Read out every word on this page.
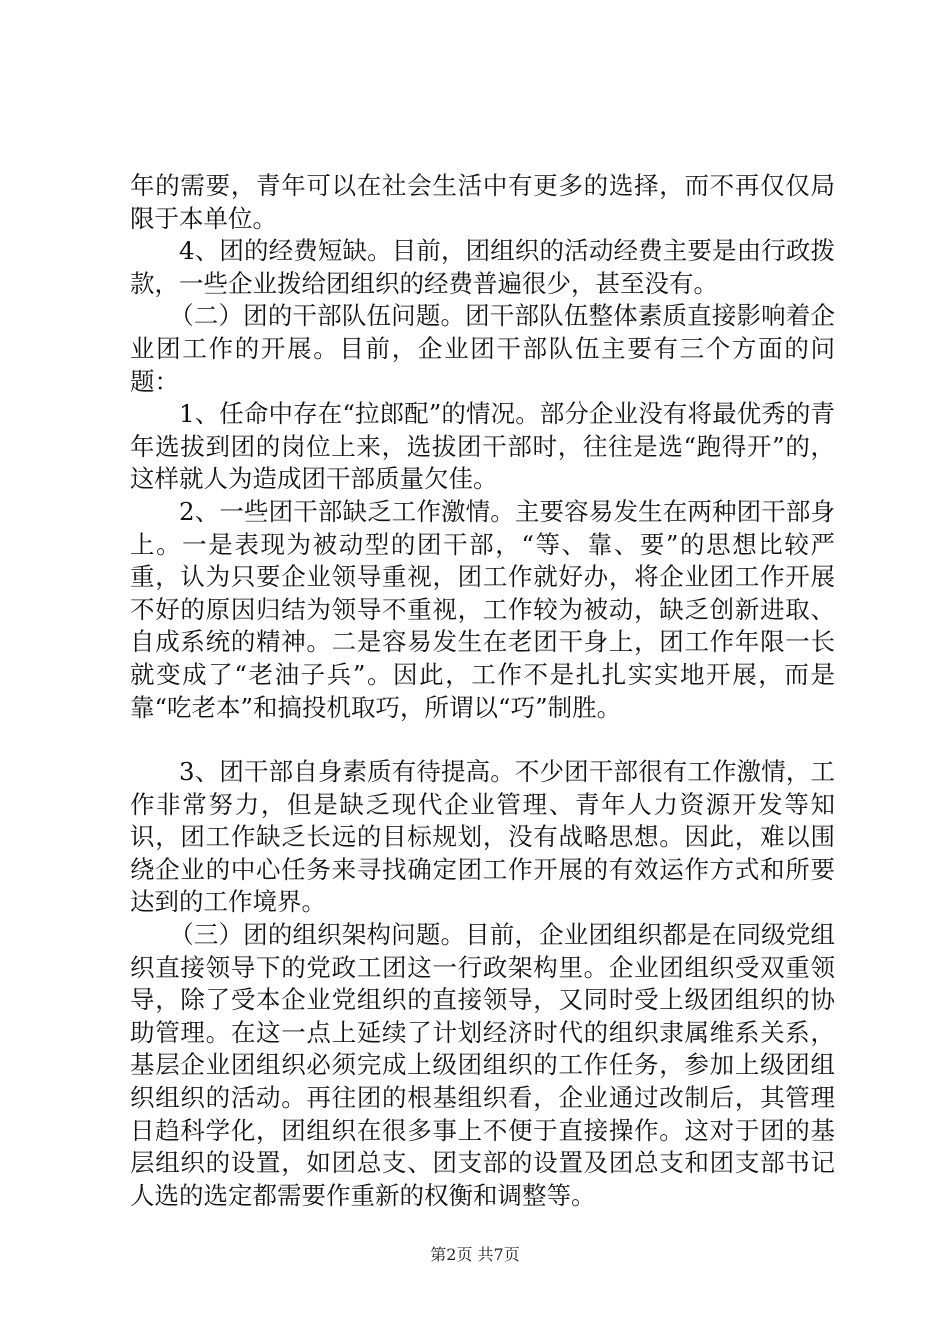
年的需要，青年可以在社会生活中有更多的选择，而不再仅仅局限于本单位。

4、团的经费短缺。目前，团组织的活动经费主要是由行政拨款，一些企业拨给团组织的经费普遍很少，甚至没有。

（二）团的干部队伍问题。团干部队伍整体素质直接影响着企业团工作的开展。目前，企业团干部队伍主要有三个方面的问题：

1、任命中存在“拉郎配”的情况。部分企业没有将最优秀的青年选拔到团的岗位上来，选拔团干部时，往往是选“跑得开”的，这样就人为造成团干部质量欠佳。

2、一些团干部缺乏工作激情。主要容易发生在两种团干部身上。一是表现为被动型的团干部，“等、靠、要”的思想比较严重，认为只要企业领导重视，团工作就好办，将企业团工作开展不好的原因归结为领导不重视，工作较为被动，缺乏创新进取、自成系统的精神。二是容易发生在老团干身上，团工作年限一长就变成了“老油子兵”。因此，工作不是扎扎实实地开展，而是靠“吃老本”和搞投机取巧，所谓以“巧”制胜。

3、团干部自身素质有待提高。不少团干部很有工作激情，工作非常努力，但是缺乏现代企业管理、青年人力资源开发等知识，团工作缺乏长远的目标规划，没有战略思想。因此，难以围绕企业的中心任务来寻找确定团工作开展的有效运作方式和所要达到的工作境界。

（三）团的组织架构问题。目前，企业团组织都是在同级党组织直接领导下的党政工团这一行政架构里。企业团组织受双重领导，除了受本企业党组织的直接领导，又同时受上级团组织的协助管理。在这一点上延续了计划经济时代的组织隶属维系关系，基层企业团组织必须完成上级团组织的工作任务，参加上级团组织组织的活动。再往团的根基组织看，企业通过改制后，其管理日趋科学化，团组织在很多事上不便于直接操作。这对于团的基层组织的设置，如团总支、团支部的设置及团总支和团支部书记人选的选定都需要作重新的权衡和调整等。

第2页 共7页
